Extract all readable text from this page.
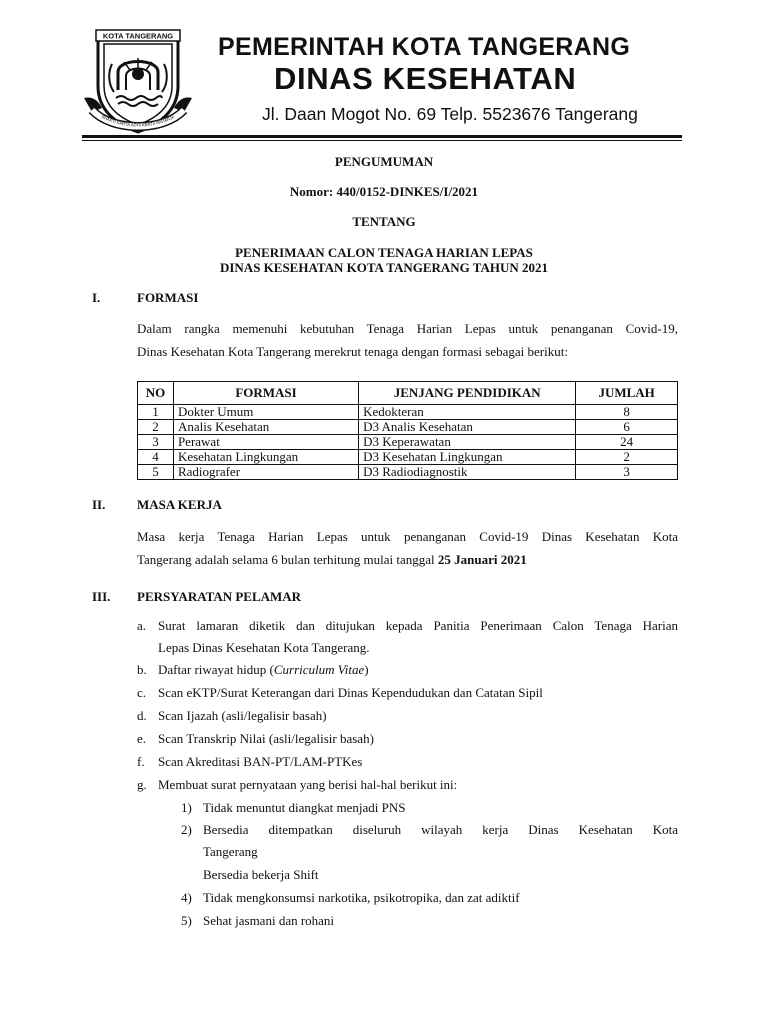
KOTA TANGERANG
BHAKTI KARYA ADHI KERTA RAHARJA

PEMERINTAH KOTA TANGERANG

DINAS KESEHATAN

Jl. Daan Mogot No. 69 Telp. 5523676 Tangerang

PENGUMUMAN
Nomor: 440/0152-DINKES/I/2021
TENTANG
PENERIMAAN CALON TENAGA HARIAN LEPAS
DINAS KESEHATAN KOTA TANGERANG TAHUN 2021
I.	FORMASI
Dalam rangka memenuhi kebutuhan Tenaga Harian Lepas untuk penanganan Covid-19,
Dinas Kesehatan Kota Tangerang merekrut tenaga dengan formasi sebagai berikut:
NO	FORMASI	JENJANG PENDIDIKAN	JUMLAH
1	Dokter Umum	Kedokteran	8
2	Analis Kesehatan	D3 Analis Kesehatan	6
3	Perawat	D3 Keperawatan	24
4	Kesehatan Lingkungan	D3 Kesehatan Lingkungan	2
5	Radiografer	D3 Radiodiagnostik	3
II. MASA KERJA
Masa kerja Tenaga Harian Lepas untuk penanganan Covid-19 Dinas Kesehatan Kota
Tangerang adalah selama 6 bulan terhitung mulai tanggal 25 Januari 2021
III. PERSYARATAN PELAMAR
a. Surat lamaran diketik dan ditujukan kepada Panitia Penerimaan Calon Tenaga Harian
Lepas Dinas Kesehatan Kota Tangerang.
b. Daftar riwayat hidup (Curriculum Vitae)
c. Scan eKTP/Surat Keterangan dari Dinas Kependudukan dan Catatan Sipil
d. Scan Ijazah (asli/legalisir basah)
e. Scan Transkrip Nilai (asli/legalisir basah)
f. Scan Akreditasi BAN-PT/LAM-PTKes
g. Membuat surat pernyataan yang berisi hal-hal berikut ini:
1) Tidak menuntut diangkat menjadi PNS
2) Bersedia ditempatkan diseluruh wilayah kerja Dinas Kesehatan Kota
Tangerang
Bersedia bekerja Shift
4) Tidak mengkonsumsi narkotika, psikotropika, dan zat adiktif
5) Sehat jasmani dan rohani
